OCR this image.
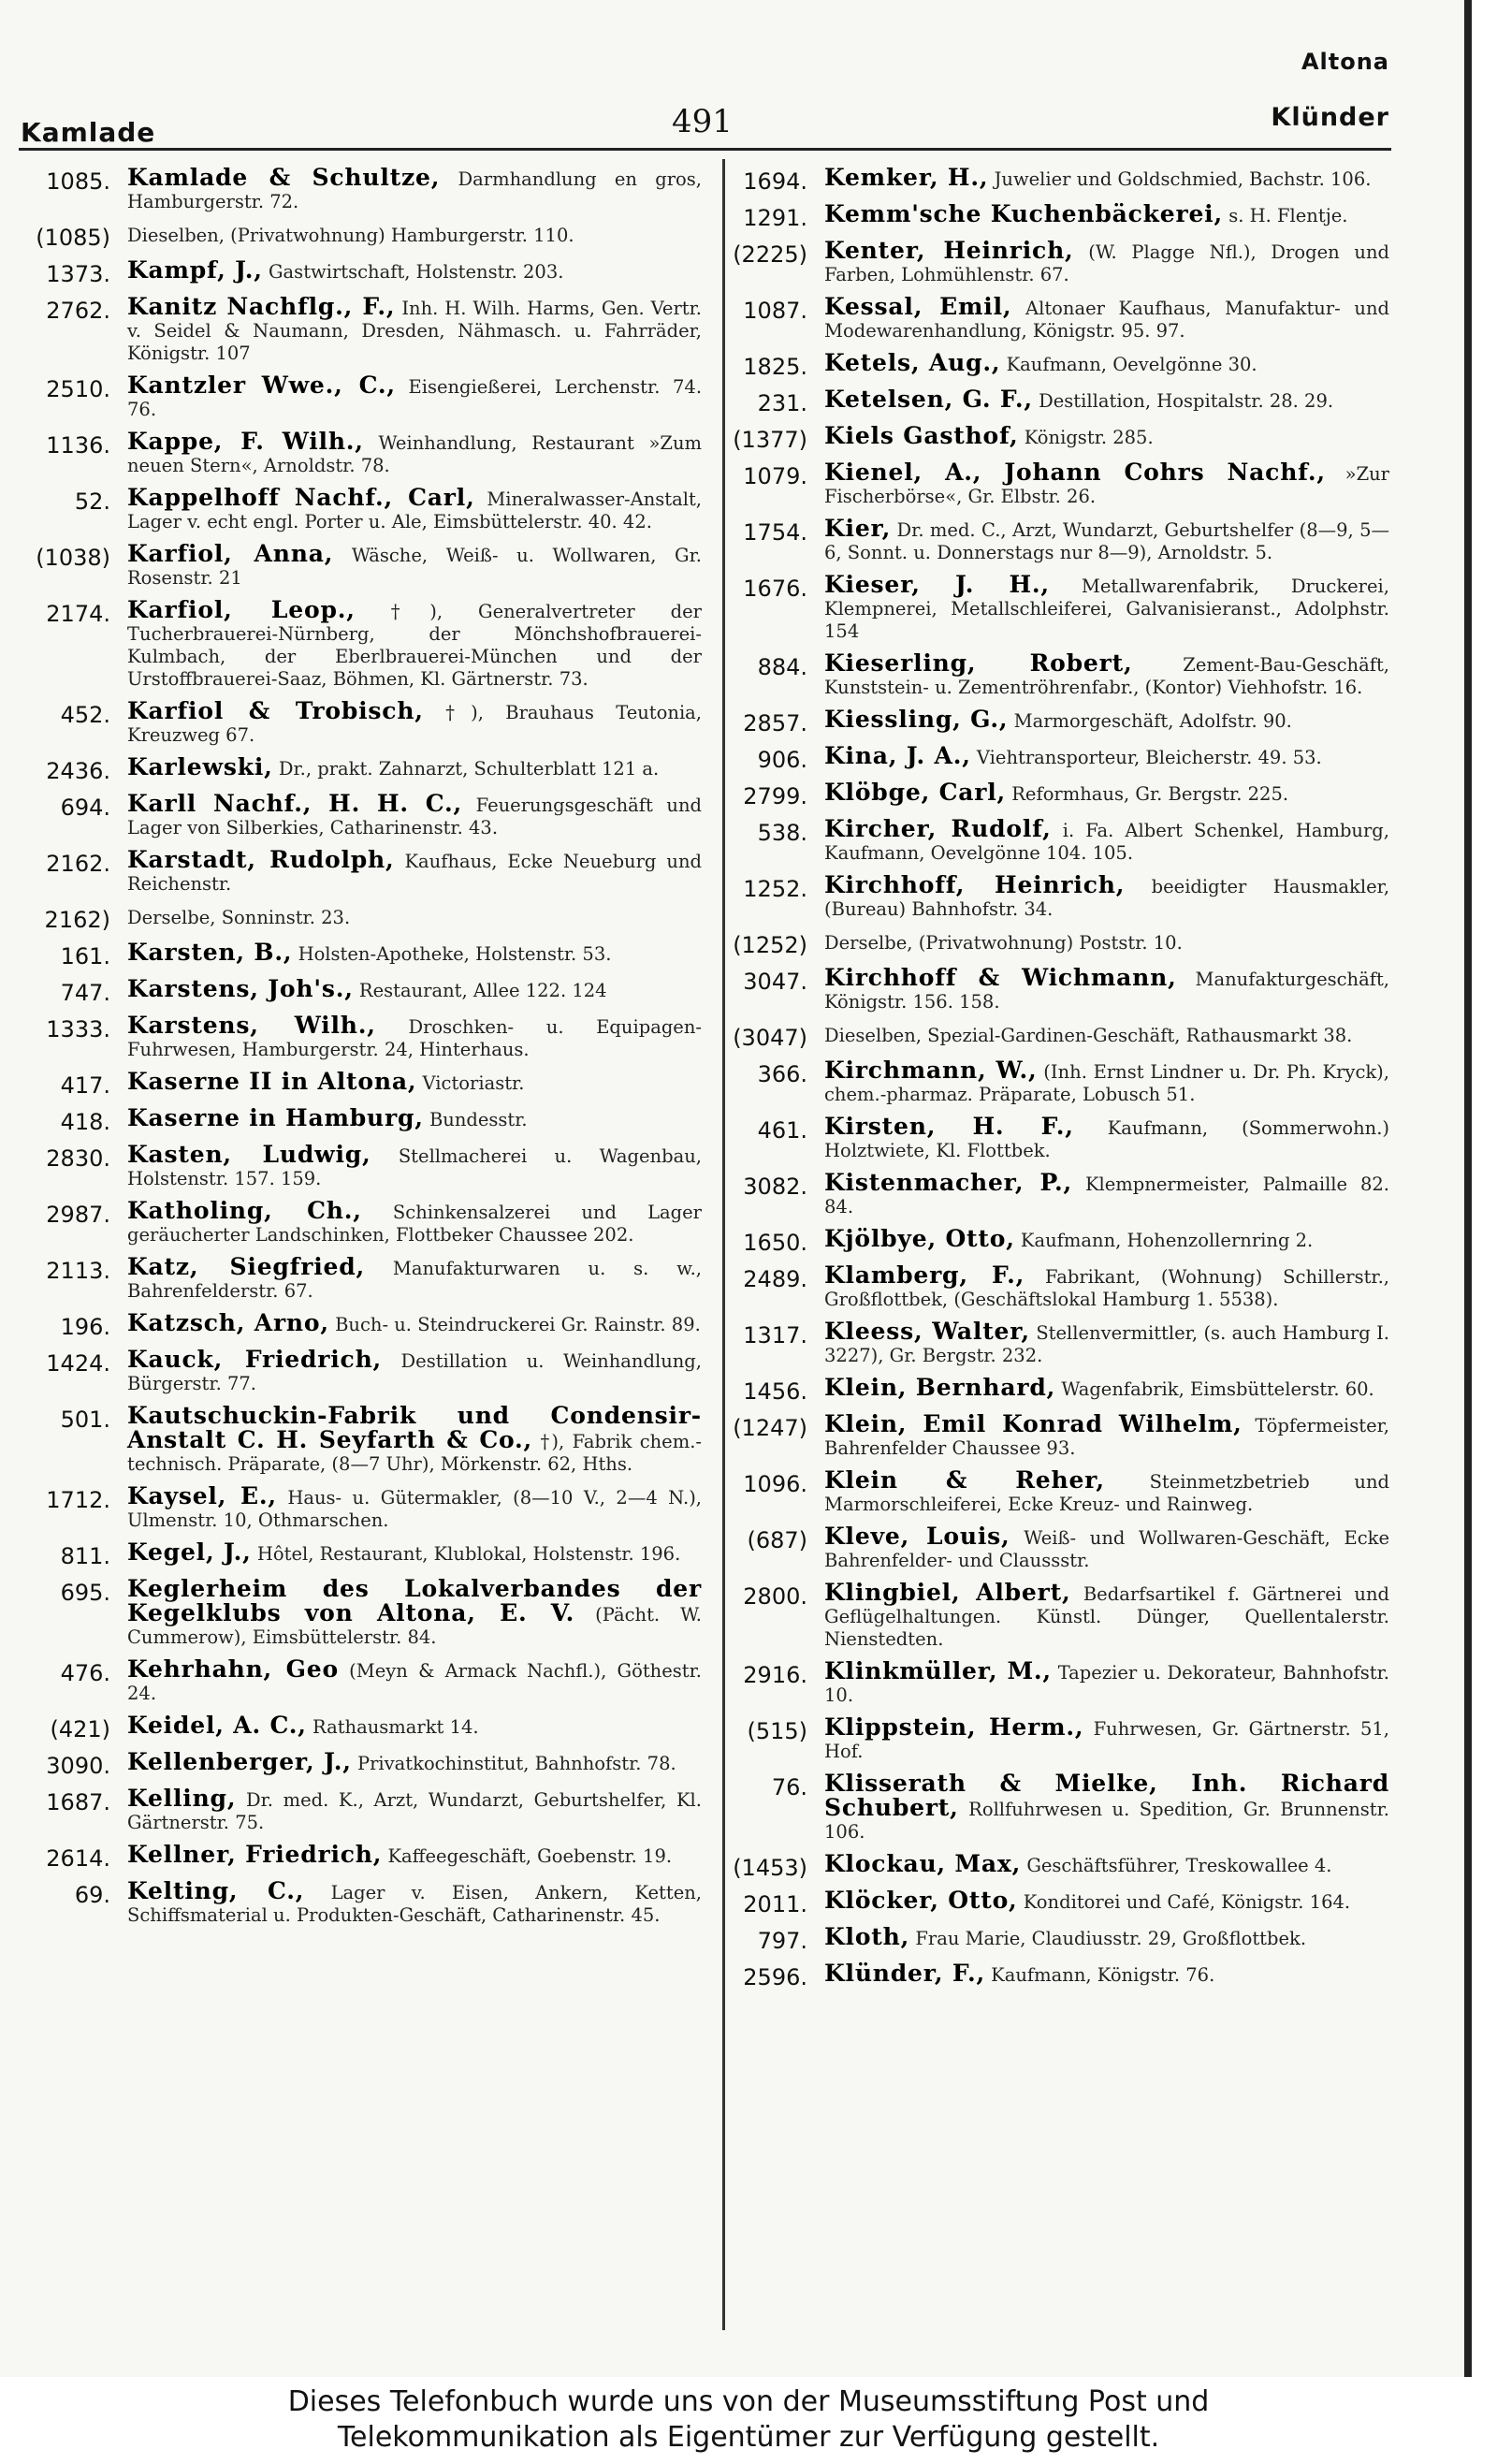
Altona
Kamlade	491	Klünder
1085. Kamlade & Schultze, Darmhandlung en gros, Hamburgerstr. 72.
(1085) Dieselben, (Privatwohnung) Hamburgerstr. 110.
1373. Kampf, J., Gastwirtschaft, Holstenstr. 203.
2762. Kanitz Nachflg., F., Inh. H. Wilh. Harms, Gen. Vertr. v. Seidel & Naumann, Dresden, Nähmasch. u. Fahrräder, Königstr. 107
2510. Kantzler Wwe., C., Eisengießerei, Lerchenstr. 74. 76.
1136. Kappe, F. Wilh., Weinhandlung, Restaurant »Zum neuen Stern«, Arnoldstr. 78.
52. Kappelhoff Nachf., Carl, Mineralwasser-Anstalt, Lager v. echt engl. Porter u. Ale, Eimsbüttelerstr. 40. 42.
(1038) Karfiol, Anna, Wäsche, Weiß- u. Wollwaren, Gr. Rosenstr. 21
2174. Karfiol, Leop., †), Generalvertreter der Tucherbrauerei-Nürnberg, der Mönchshofbrauerei-Kulmbach, der Eberlbrauerei-München und der Urstoffbrauerei-Saaz, Böhmen, Kl. Gärtnerstr. 73.
452. Karfiol & Trobisch, †), Brauhaus Teutonia, Kreuzweg 67.
2436. Karlewski, Dr., prakt. Zahnarzt, Schulterblatt 121 a.
694. Karll Nachf., H. H. C., Feuerungsgeschäft und Lager von Silberkies, Catharinenstr. 43.
2162. Karstadt, Rudolph, Kaufhaus, Ecke Neueburg und Reichenstr.
2162) Derselbe, Sonninstr. 23.
161. Karsten, B., Holsten-Apotheke, Holstenstr. 53.
747. Karstens, Joh's., Restaurant, Allee 122. 124
1333. Karstens, Wilh., Droschken- u. Equipagen-Fuhrwesen, Hamburgerstr. 24, Hinterhaus.
417. Kaserne II in Altona, Victoriastr.
418. Kaserne in Hamburg, Bundesstr.
2830. Kasten, Ludwig, Stellmacherei u. Wagenbau, Holstenstr. 157. 159.
2987. Katholing, Ch., Schinkensalzerei und Lager geräucherter Landschinken, Flottbeker Chaussee 202.
2113. Katz, Siegfried, Manufakturwaren u. s. w., Bahrenfelderstr. 67.
196. Katzsch, Arno, Buch- u. Steindruckerei Gr. Rainstr. 89.
1424. Kauck, Friedrich, Destillation u. Weinhandlung, Bürgerstr. 77.
501. Kautschuckin-Fabrik und Condensir-Anstalt C. H. Seyfarth & Co., †), Fabrik chem.-technisch. Präparate, (8—7 Uhr), Mörkenstr. 62, Hths.
1712. Kaysel, E., Haus- u. Gütermakler, (8—10 V., 2—4 N.), Ulmenstr. 10, Othmarschen.
811. Kegel, J., Hôtel, Restaurant, Klublokal, Holstenstr. 196.
695. Keglerheim des Lokalverbandes der Kegelklubs von Altona, E. V. (Pächt. W. Cummerow), Eimsbüttelerstr. 84.
476. Kehrhahn, Geo (Meyn & Armack Nachfl.), Göthestr. 24.
(421) Keidel, A. C., Rathausmarkt 14.
3090. Kellenberger, J., Privatkochinstitut, Bahnhofstr. 78.
1687. Kelling, Dr. med. K., Arzt, Wundarzt, Geburtshelfer, Kl. Gärtnerstr. 75.
2614. Kellner, Friedrich, Kaffeegeschäft, Goebenstr. 19.
69. Kelting, C., Lager v. Eisen, Ankern, Ketten, Schiffsmaterial u. Produkten-Geschäft, Catharinenstr. 45.
1694. Kemker, H., Juwelier und Goldschmied, Bachstr. 106.
1291. Kemm'sche Kuchenbäckerei, s. H. Flentje.
(2225) Kenter, Heinrich, (W. Plagge Nfl.), Drogen und Farben, Lohmühlenstr. 67.
1087. Kessal, Emil, Altonaer Kaufhaus, Manufaktur- und Modewarenhandlung, Königstr. 95. 97.
1825. Ketels, Aug., Kaufmann, Oevelgönne 30.
231. Ketelsen, G. F., Destillation, Hospitalstr. 28. 29.
(1377) Kiels Gasthof, Königstr. 285.
1079. Kienel, A., Johann Cohrs Nachf., »Zur Fischerbörse«, Gr. Elbstr. 26.
1754. Kier, Dr. med. C., Arzt, Wundarzt, Geburtshelfer (8—9, 5—6, Sonnt. u. Donnerstags nur 8—9), Arnoldstr. 5.
1676. Kieser, J. H., Metallwarenfabrik, Druckerei, Klempnerei, Metallschleiferei, Galvanisieranst., Adolphstr. 154
884. Kieserling, Robert,	Zement-Bau-Geschäft, Kunststein- u. Zementröhrenfabr., (Kontor) Viehhofstr. 16.
2857. Kiessling, G., Marmorgeschäft, Adolfstr. 90.
906. Kina, J. A., Viehtransporteur, Bleicherstr. 49. 53.
2799. Klöbge, Carl, Reformhaus, Gr. Bergstr. 225.
538. Kircher, Rudolf, i. Fa. Albert Schenkel, Hamburg, Kaufmann, Oevelgönne 104. 105.
1252. Kirchhoff, Heinrich, beeidigter Hausmakler, (Bureau) Bahnhofstr. 34.
(1252) Derselbe, (Privatwohnung) Poststr. 10.
3047. Kirchhoff & Wichmann, Manufakturgeschäft, Königstr. 156. 158.
(3047) Dieselben, Spezial-Gardinen-Geschäft, Rathausmarkt 38.
366. Kirchmann, W., (Inh. Ernst Lindner u. Dr. Ph. Kryck), chem.-pharmaz. Präparate, Lobusch 51.
461. Kirsten, H. F., Kaufmann, (Sommerwohn.) Holztwiete, Kl. Flottbek.
3082. Kistenmacher, P., Klempnermeister, Palmaille 82. 84.
1650. Kjölbye, Otto, Kaufmann, Hohenzollernring 2.
2489. Klamberg, F., Fabrikant, (Wohnung) Schillerstr., Großflottbek, (Geschäftslokal Hamburg 1. 5538).
1317. Kleess, Walter, Stellenvermittler, (s. auch Hamburg I. 3227), Gr. Bergstr. 232.
1456. Klein, Bernhard, Wagenfabrik, Eimsbüttelerstr. 60.
(1247) Klein, Emil Konrad Wilhelm, Töpfermeister, Bahrenfelder Chaussee 93.
1096. Klein & Reher, Steinmetzbetrieb und Marmorschleiferei, Ecke Kreuz- und Rainweg.
(687) Kleve, Louis, Weiß- und Wollwaren-Geschäft, Ecke Bahrenfelder- und Claussstr.
2800. Klingbiel, Albert, Bedarfsartikel f. Gärtnerei und Geflügelhaltungen. Künstl. Dünger, Quellentalerstr. Nienstedten.
2916. Klinkmüller, M., Tapezier u. Dekorateur, Bahnhofstr. 10.
(515) Klippstein, Herm., Fuhrwesen, Gr. Gärtnerstr. 51, Hof.
76. Klisserath & Mielke, Inh. Richard Schubert, Rollfuhrwesen u. Spedition, Gr. Brunnenstr. 106.
(1453) Klockau, Max, Geschäftsführer, Treskowallee 4.
2011. Klöcker, Otto, Konditorei und Café, Königstr. 164.
797. Kloth, Frau Marie, Claudiusstr. 29, Großflottbek.
2596. Klünder, F., Kaufmann, Königstr. 76.
Dieses Telefonbuch wurde uns von der Museumsstiftung Post und
Telekommunikation als Eigentümer zur Verfügung gestellt.
